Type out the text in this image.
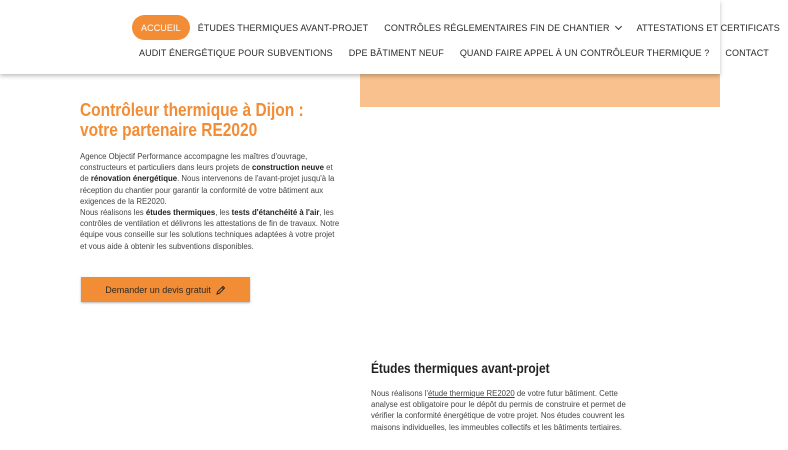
ACCUEIL	ÉTUDES THERMIQUES AVANT-PROJET	CONTRÔLES RÉGLEMENTAIRES FIN DE CHANTIER	ATTESTATIONS ET CERTIFICATS
AUDIT ÉNERGÉTIQUE POUR SUBVENTIONS	DPE BÂTIMENT NEUF	QUAND FAIRE APPEL À UN CONTRÔLEUR THERMIQUE ?	CONTACT
Contrôleur thermique à Dijon : votre partenaire RE2020

Agence Objectif Performance accompagne les maîtres d'ouvrage, constructeurs et particuliers dans leurs projets de construction neuve et de rénovation énergétique. Nous intervenons de l'avant-projet jusqu'à la réception du chantier pour garantir la conformité de votre bâtiment aux exigences de la RE2020.

Nous réalisons les études thermiques, les tests d'étanchéité à l'air, les contrôles de ventilation et délivrons les attestations de fin de travaux. Notre équipe vous conseille sur les solutions techniques adaptées à votre projet et vous aide à obtenir les subventions disponibles.

Demander un devis gratuit
Études thermiques avant-projet

Nous réalisons l'étude thermique RE2020 de votre futur bâtiment. Cette analyse est obligatoire pour le dépôt du permis de construire et permet de vérifier la conformité énergétique de votre projet. Nos études couvrent les maisons individuelles, les immeubles collectifs et les bâtiments tertiaires.
